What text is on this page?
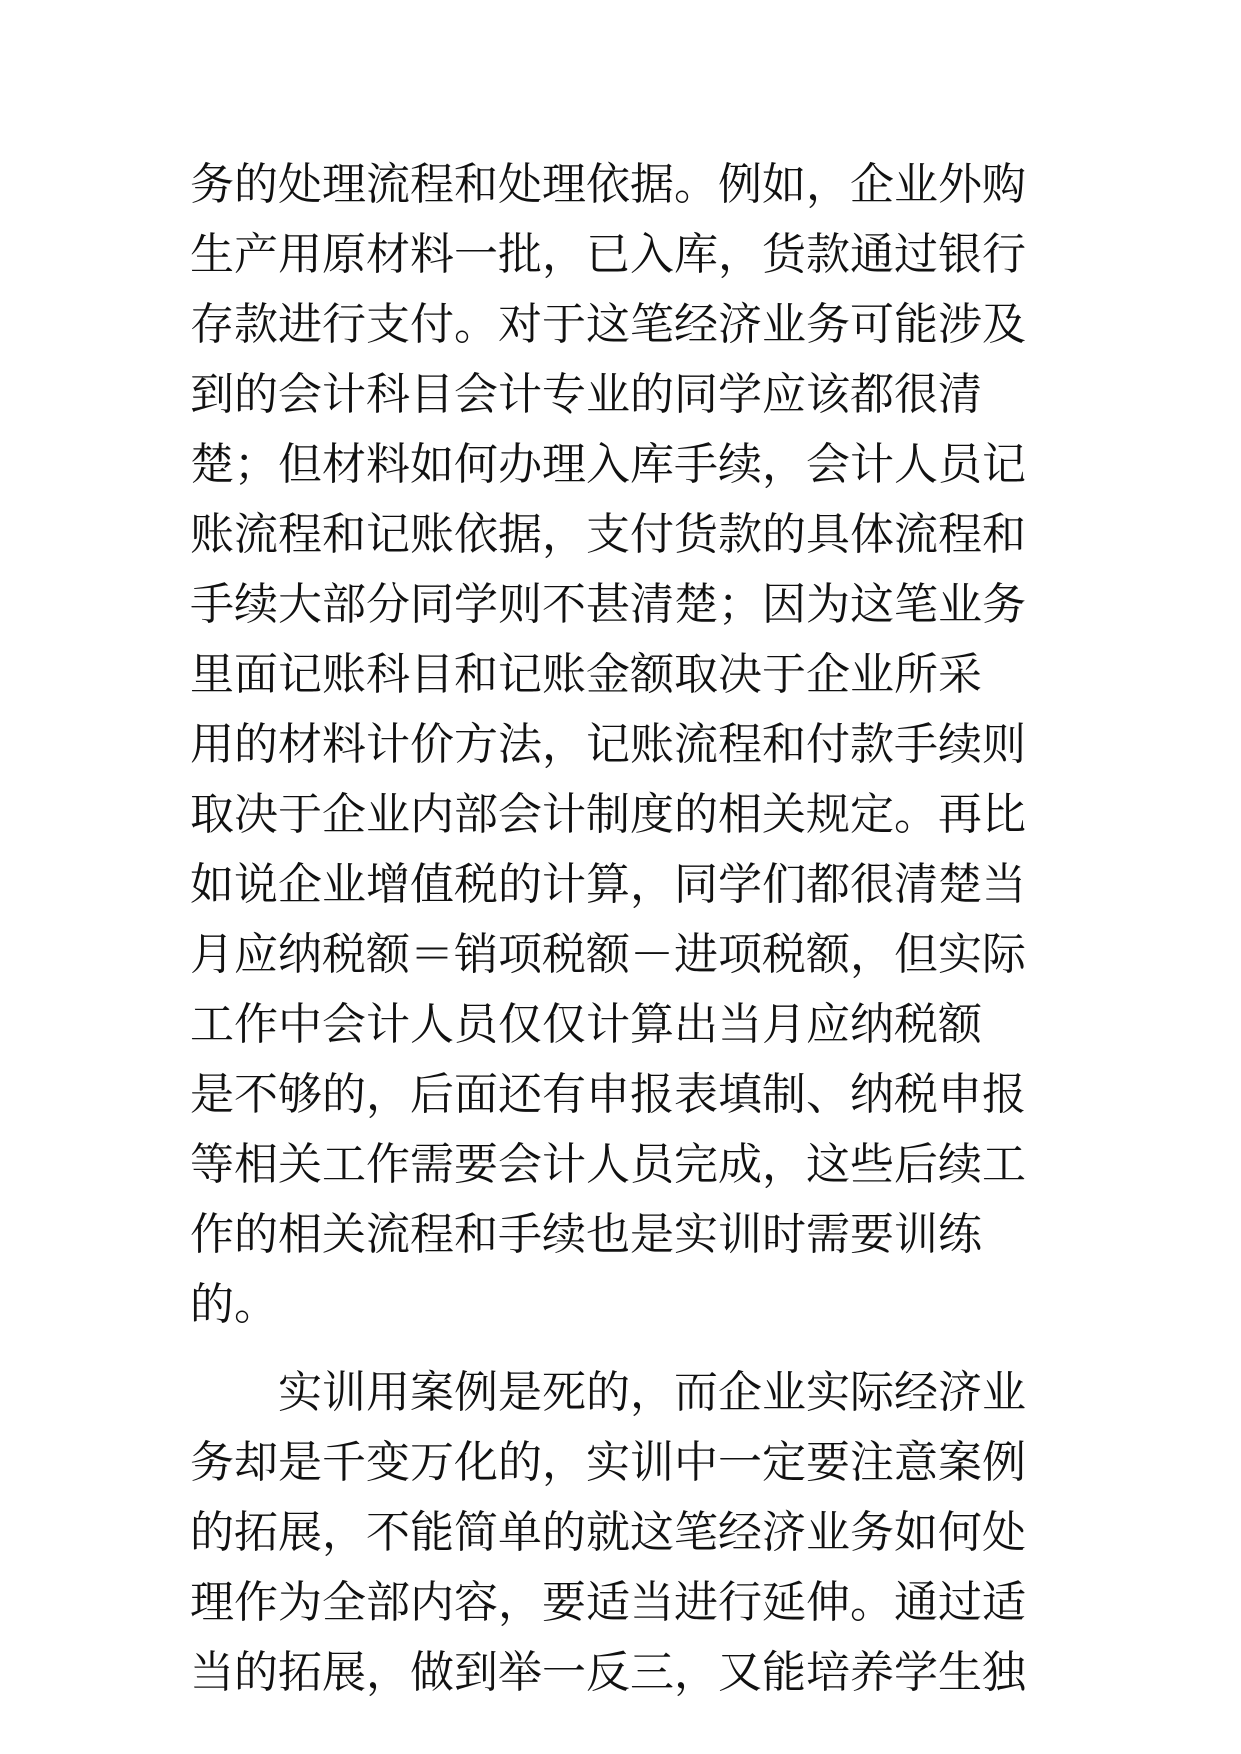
务的处理流程和处理依据。例如，企业外购
生产用原材料一批，已入库，货款通过银行
存款进行支付。对于这笔经济业务可能涉及
到的会计科目会计专业的同学应该都很清
楚；但材料如何办理入库手续，会计人员记
账流程和记账依据，支付货款的具体流程和
手续大部分同学则不甚清楚；因为这笔业务
里面记账科目和记账金额取决于企业所采
用的材料计价方法，记账流程和付款手续则
取决于企业内部会计制度的相关规定。再比
如说企业增值税的计算，同学们都很清楚当
月应纳税额＝销项税额－进项税额，但实际
工作中会计人员仅仅计算出当月应纳税额
是不够的，后面还有申报表填制、纳税申报
等相关工作需要会计人员完成，这些后续工
作的相关流程和手续也是实训时需要训练
的。
实训用案例是死的，而企业实际经济业
务却是千变万化的，实训中一定要注意案例
的拓展，不能简单的就这笔经济业务如何处
理作为全部内容，要适当进行延伸。通过适
当的拓展，做到举一反三，又能培养学生独
